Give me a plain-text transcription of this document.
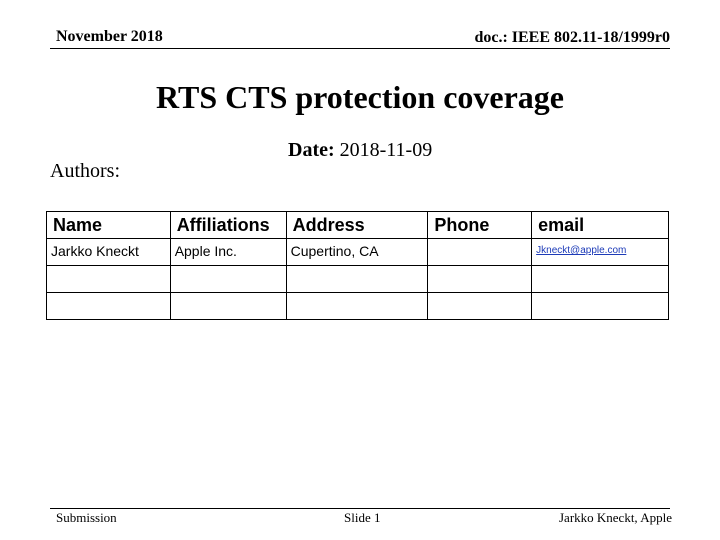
November 2018	doc.: IEEE 802.11-18/1999r0
RTS CTS protection coverage
Date: 2018-11-09
Authors:
Name	Affiliations	Address	Phone	email
Jarkko Kneckt	Apple Inc.	Cupertino, CA		Jkneckt@apple.com

Submission	Slide 1	Jarkko Kneckt, Apple
